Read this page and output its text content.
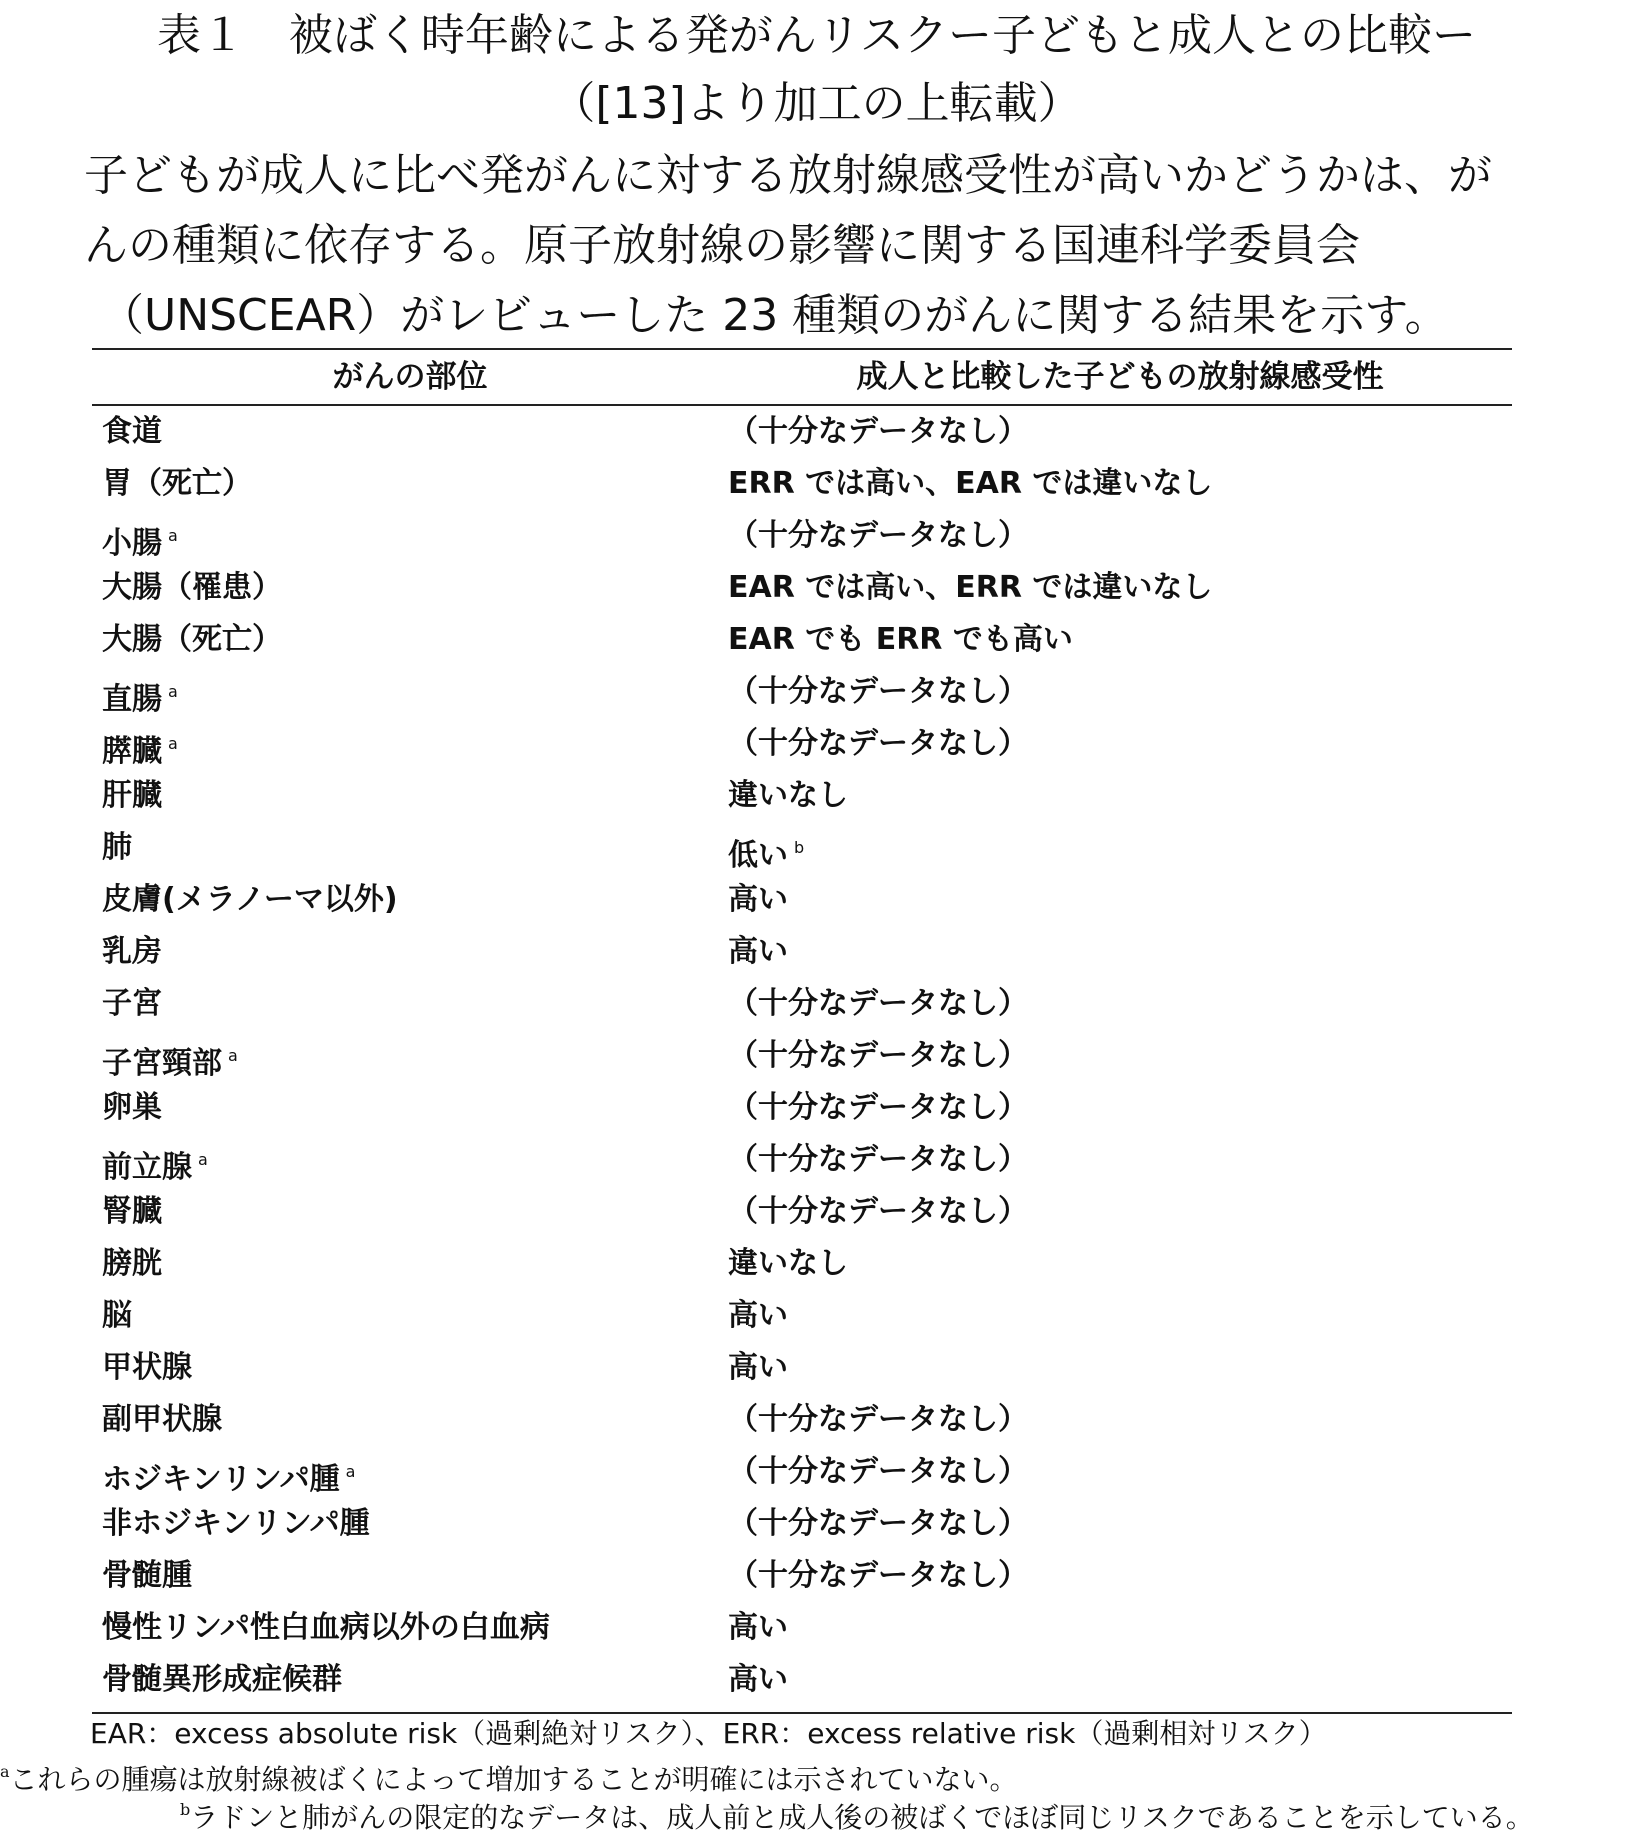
表１　被ばく時年齢による発がんリスクー子どもと成人との比較ー
（[13]より加工の上転載）
子どもが成人に比べ発がんに対する放射線感受性が高いかどうかは、が
んの種類に依存する。原子放射線の影響に関する国連科学委員会
（UNSCEAR）がレビューした 23 種類のがんに関する結果を示す。
がんの部位	成人と比較した子どもの放射線感受性
食道	（十分なデータなし）
胃（死亡）	ERR では高い、EAR では違いなし
小腸 $^a$	（十分なデータなし）
大腸（罹患）	EAR では高い、ERR では違いなし
大腸（死亡）	EAR でも ERR でも高い
直腸 $^a$	（十分なデータなし）
膵臓 $^a$	（十分なデータなし）
肝臓	違いなし
肺	低い $^b$
皮膚(メラノーマ以外)	高い
乳房	高い
子宮	（十分なデータなし）
子宮頸部 $^a$	（十分なデータなし）
卵巣	（十分なデータなし）
前立腺 $^a$	（十分なデータなし）
腎臓	（十分なデータなし）
膀胱	違いなし
脳	高い
甲状腺	高い
副甲状腺	（十分なデータなし）
ホジキンリンパ腫 $^a$	（十分なデータなし）
非ホジキンリンパ腫	（十分なデータなし）
骨髄腫	（十分なデータなし）
慢性リンパ性白血病以外の白血病	高い
骨髄異形成症候群	高い
EAR：excess absolute risk（過剰絶対リスク）、ERR：excess relative risk（過剰相対リスク）
$^a$これらの腫瘍は放射線被ばくによって増加することが明確には示されていない。
$^b$ラドンと肺がんの限定的なデータは、成人前と成人後の被ばくでほぼ同じリスクであることを示している。
